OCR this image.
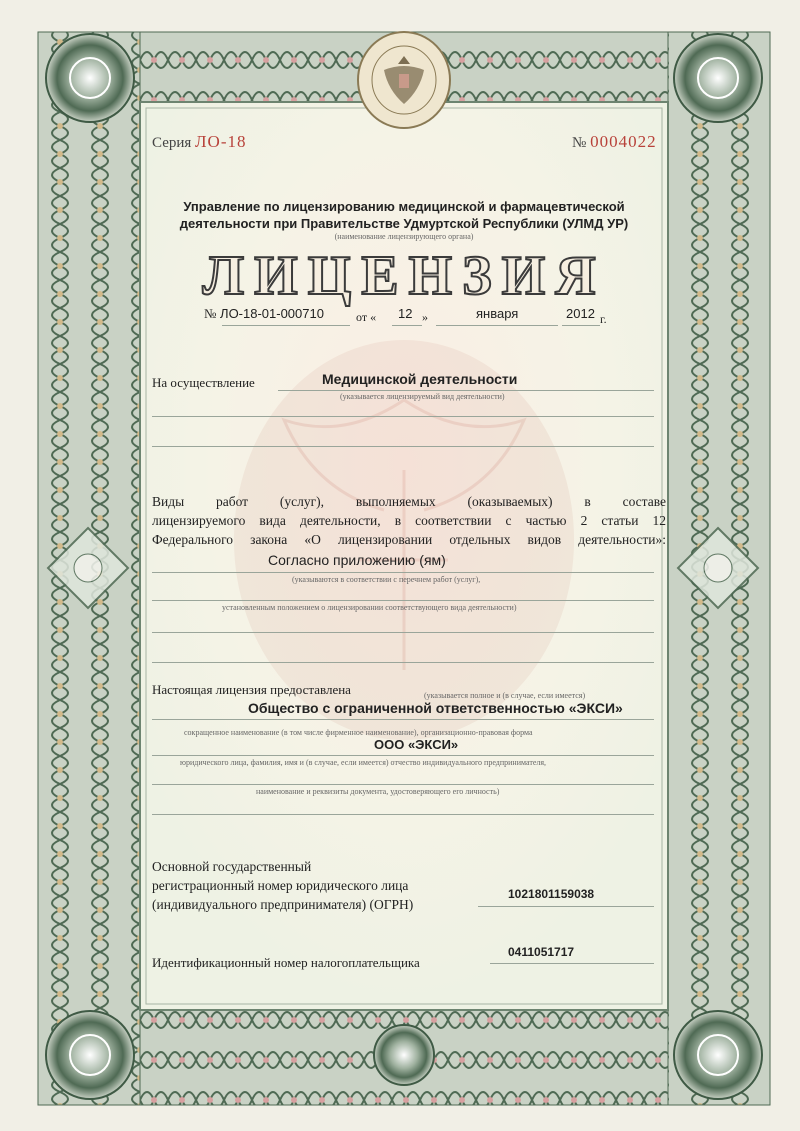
Серия ЛО-18	№ 0004022
Управление по лицензированию медицинской и фармацевтической
деятельности при Правительстве Удмуртской Республики (УЛМД УР)
(наименование лицензирующего органа)
ЛИЦЕНЗИЯ
№ ЛО-18-01-000710	от « 12 »	января	2012 г.
На осуществление	Медицинской деятельности
(указывается лицензируемый вид деятельности)
Виды работ (услуг), выполняемых (оказываемых) в составе
лицензируемого вида деятельности, в соответствии с частью 2 статьи 12
Федерального закона «О лицензировании отдельных видов деятельности»:
Согласно приложению (ям)
(указываются в соответствии с перечнем работ (услуг),
установленным положением о лицензировании соответствующего вида деятельности)
Настоящая лицензия предоставлена	(указывается полное и (в случае, если имеется)
Общество с ограниченной ответственностью «ЭКСИ»
сокращенное наименование (в том числе фирменное наименование), организационно-правовая форма
ООО «ЭКСИ»
юридического лица, фамилия, имя и (в случае, если имеется) отчество индивидуального предпринимателя,
наименование и реквизиты документа, удостоверяющего его личность)
Основной государственный
регистрационный номер юридического лица
(индивидуального предпринимателя) (ОГРН)
1021801159038
Идентификационный номер налогоплательщика
0411051717
